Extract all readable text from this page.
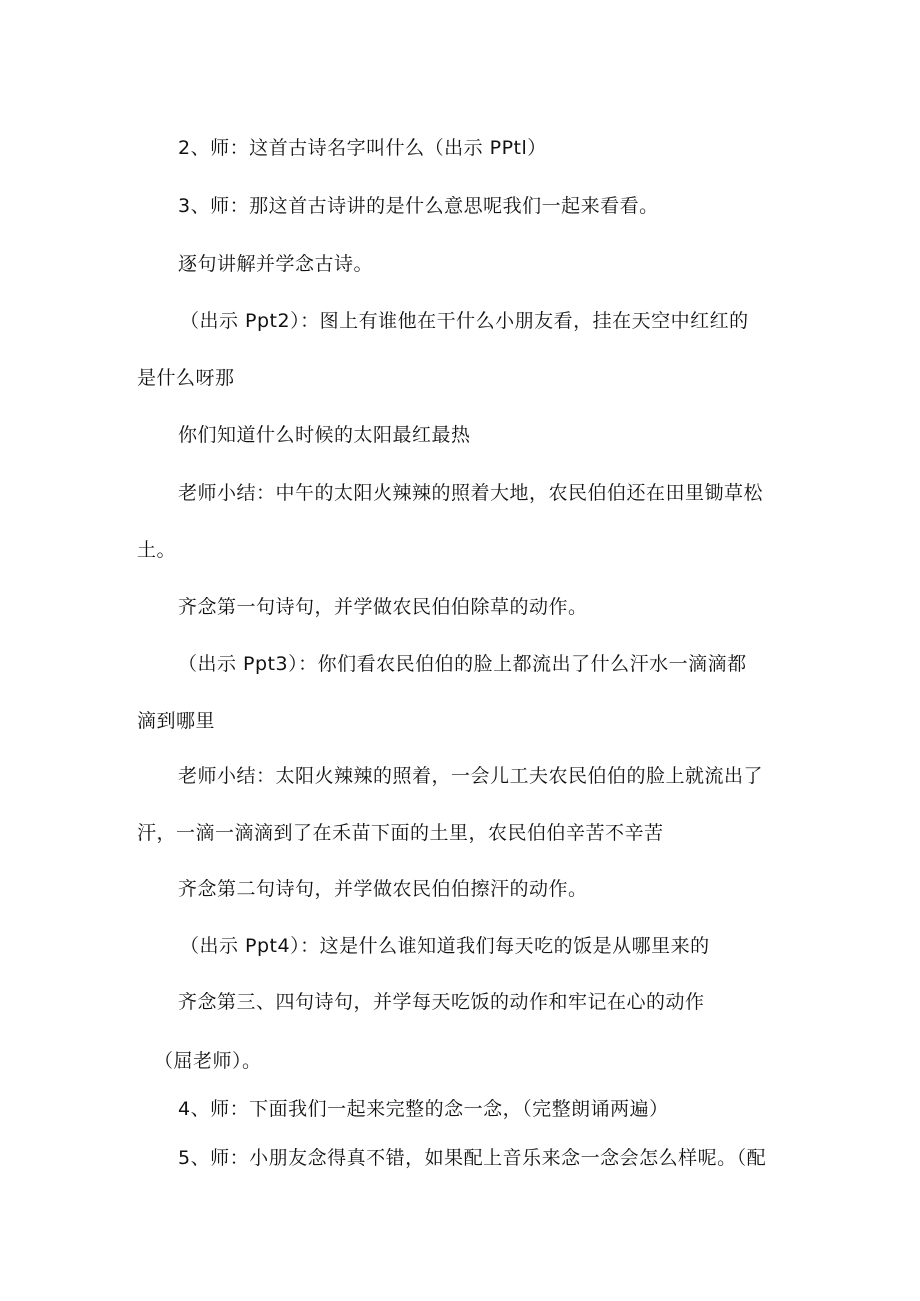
2、师：这首古诗名字叫什么（出示 PPtl）
3、师：那这首古诗讲的是什么意思呢我们一起来看看。
逐句讲解并学念古诗。
（出示 Ppt2）：图上有谁他在干什么小朋友看，挂在天空中红红的
是什么呀那
你们知道什么时候的太阳最红最热
老师小结：中午的太阳火辣辣的照着大地，农民伯伯还在田里锄草松
土。
齐念第一句诗句，并学做农民伯伯除草的动作。
（出示 Ppt3）：你们看农民伯伯的脸上都流出了什么汗水一滴滴都
滴到哪里
老师小结：太阳火辣辣的照着，一会儿工夫农民伯伯的脸上就流出了
汗，一滴一滴滴到了在禾苗下面的土里，农民伯伯辛苦不辛苦
齐念第二句诗句，并学做农民伯伯擦汗的动作。
（出示 Ppt4）：这是什么谁知道我们每天吃的饭是从哪里来的
齐念第三、四句诗句，并学每天吃饭的动作和牢记在心的动作
（屈老师）。
4、师：下面我们一起来完整的念一念，（完整朗诵两遍）
5、师：小朋友念得真不错，如果配上音乐来念一念会怎么样呢。（配
